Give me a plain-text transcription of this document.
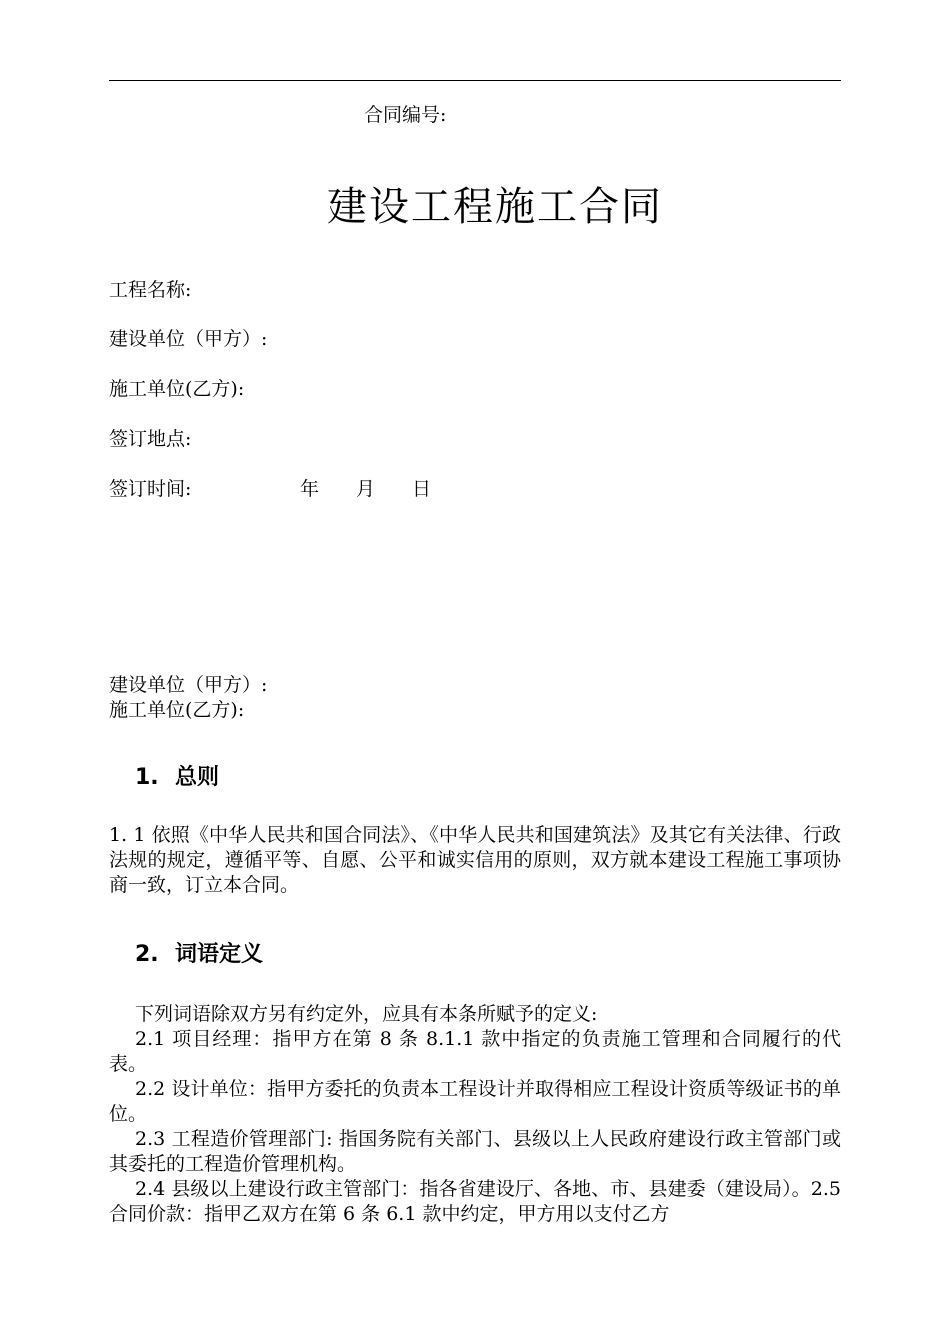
合同编号:
建设工程施工合同
工程名称:
建设单位（甲方）:
施工单位(乙方):
签订地点:
签订时间:	年 月 日
建设单位（甲方）:
施工单位(乙方):
1. 总则

1. 1 依照《中华人民共和国合同法》、《中华人民共和国建筑法》及其它有关法律、行政法规的规定，遵循平等、自愿、公平和诚实信用的原则，双方就本建设工程施工事项协商一致，订立本合同。

2. 词语定义

下列词语除双方另有约定外，应具有本条所赋予的定义:

2.1 项目经理：指甲方在第 8 条 8.1.1 款中指定的负责施工管理和合同履行的代表。

2.2 设计单位：指甲方委托的负责本工程设计并取得相应工程设计资质等级证书的单位。

2.3 工程造价管理部门: 指国务院有关部门、县级以上人民政府建设行政主管部门或其委托的工程造价管理机构。

2.4 县级以上建设行政主管部门：指各省建设厅、各地、市、县建委（建设局）。2.5 合同价款：指甲乙双方在第 6 条 6.1 款中约定，甲方用以支付乙方
